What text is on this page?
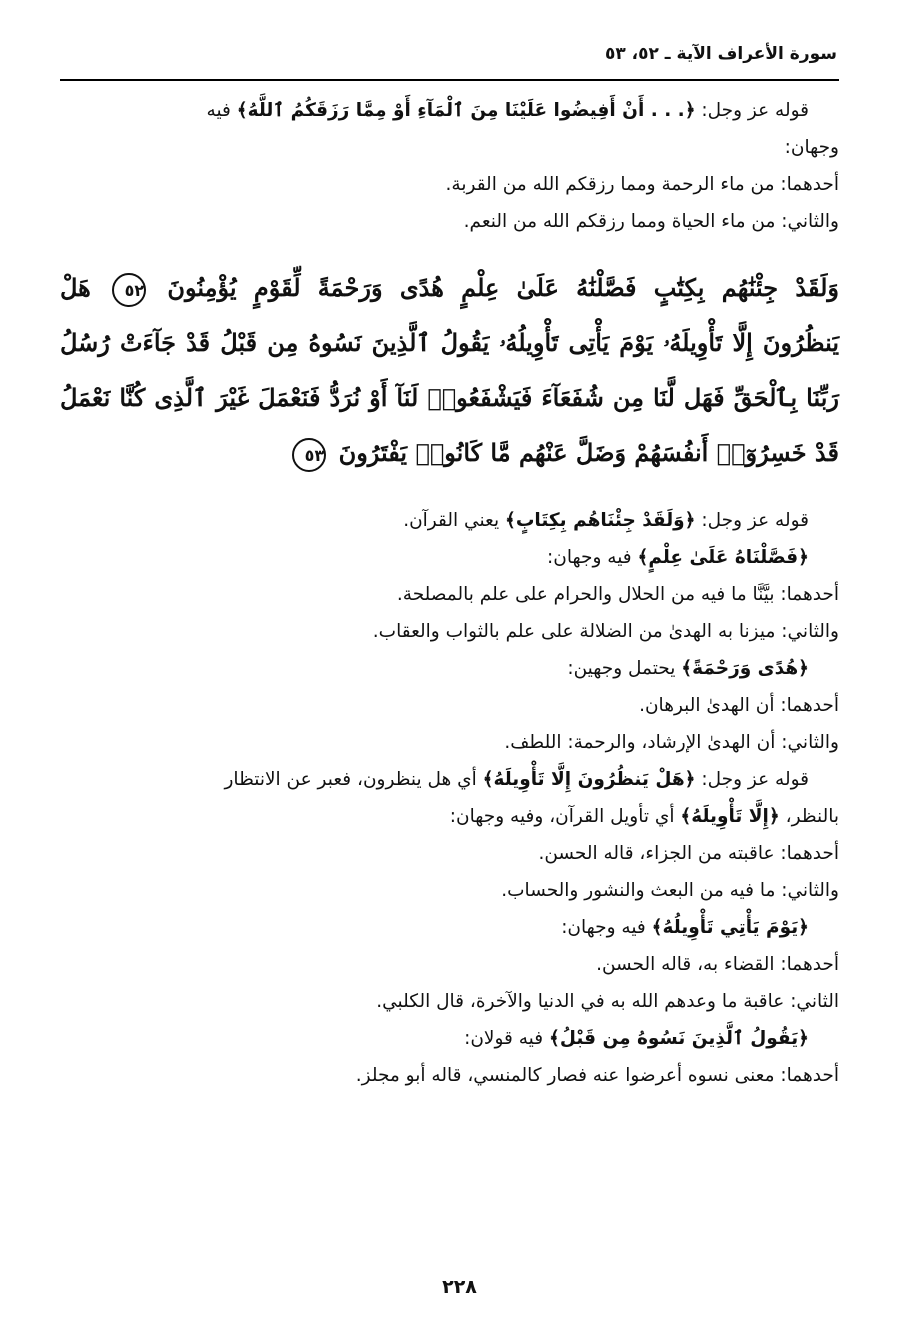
سورة الأعراف الآية ـ ٥٢، ٥٣
قوله عز وجل: ﴿. . . أَنْ أَفِيضُوا عَلَيْنَا مِنَ ٱلْمَآءِ أَوْ مِمَّا رَزَقَكُمُ ٱللَّهُ﴾ فيه
وجهان:
أحدهما: من ماء الرحمة ومما رزقكم الله من القربة.
والثاني: من ماء الحياة ومما رزقكم الله من النعم.
وَلَقَدْ جِئْنَٰهُم بِكِتَٰبٍ فَصَّلْنَٰهُ عَلَىٰ عِلْمٍ هُدًى وَرَحْمَةً لِّقَوْمٍ يُؤْمِنُونَ ٥٢ هَلْ
يَنظُرُونَ إِلَّا تَأْوِيلَهُۥ يَوْمَ يَأْتِى تَأْوِيلُهُۥ يَقُولُ ٱلَّذِينَ نَسُوهُ مِن قَبْلُ قَدْ جَآءَتْ رُسُلُ
رَبِّنَا بِٱلْحَقِّ فَهَل لَّنَا مِن شُفَعَآءَ فَيَشْفَعُوا۟ لَنَآ أَوْ نُرَدُّ فَنَعْمَلَ غَيْرَ ٱلَّذِى كُنَّا نَعْمَلُ
قَدْ خَسِرُوٓا۟ أَنفُسَهُمْ وَضَلَّ عَنْهُم مَّا كَانُوا۟ يَفْتَرُونَ ٥٣
قوله عز وجل: ﴿وَلَقَدْ جِئْنَاهُم بِكِتَابٍ﴾ يعني القرآن.
﴿فَصَّلْنَاهُ عَلَىٰ عِلْمٍ﴾ فيه وجهان:
أحدهما: بيَّنَّا ما فيه من الحلال والحرام على علم بالمصلحة.
والثاني: ميزنا به الهدىٰ من الضلالة على علم بالثواب والعقاب.
﴿هُدًى وَرَحْمَةً﴾ يحتمل وجهين:
أحدهما: أن الهدىٰ البرهان.
والثاني: أن الهدىٰ الإرشاد، والرحمة: اللطف.
قوله عز وجل: ﴿هَلْ يَنظُرُونَ إِلَّا تَأْوِيلَهُ﴾ أي هل ينظرون، فعبر عن الانتظار
بالنظر، ﴿إِلَّا تَأْوِيلَهُ﴾ أي تأويل القرآن، وفيه وجهان:
أحدهما: عاقبته من الجزاء، قاله الحسن.
والثاني: ما فيه من البعث والنشور والحساب.
﴿يَوْمَ يَأْتِي تَأْوِيلُهُ﴾ فيه وجهان:
أحدهما: القضاء به، قاله الحسن.
الثاني: عاقبة ما وعدهم الله به في الدنيا والآخرة، قال الكلبي.
﴿يَقُولُ ٱلَّذِينَ نَسُوهُ مِن قَبْلُ﴾ فيه قولان:
أحدهما: معنى نسوه أعرضوا عنه فصار كالمنسي، قاله أبو مجلز.
٢٢٨
